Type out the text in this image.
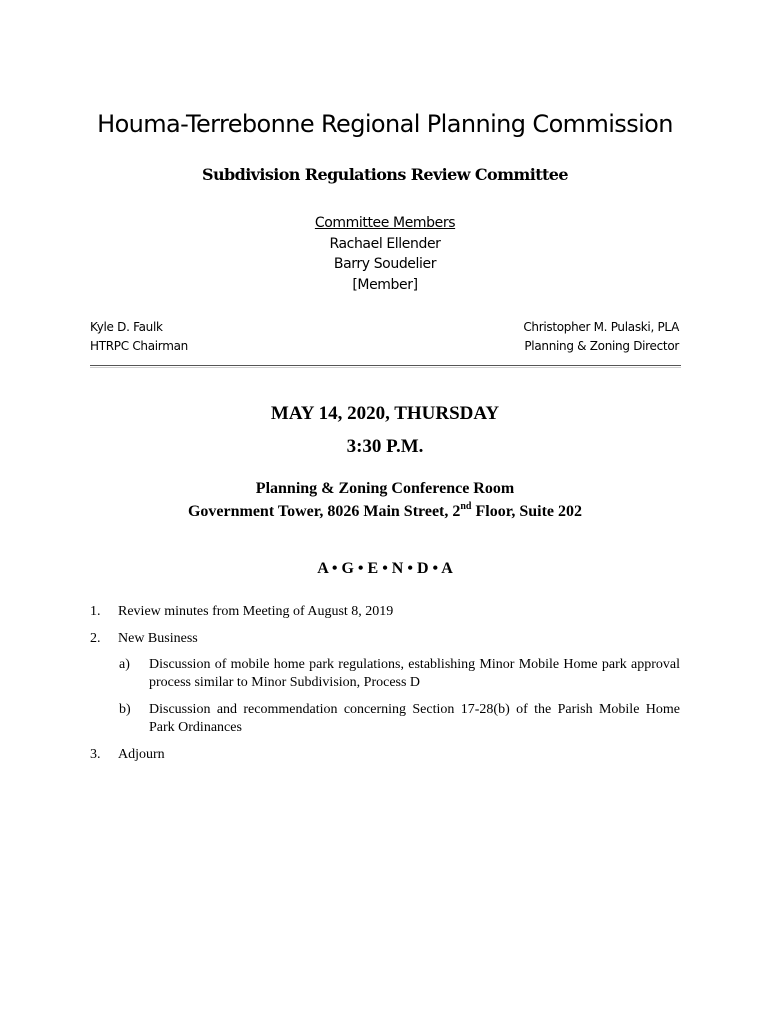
Houma-Terrebonne Regional Planning Commission
Subdivision Regulations Review Committee
Committee Members
Rachael Ellender
Barry Soudelier
[Member]
Kyle D. Faulk
HTRPC Chairman
Christopher M. Pulaski, PLA
Planning & Zoning Director
MAY 14, 2020, THURSDAY
3:30 P.M.
Planning & Zoning Conference Room
Government Tower, 8026 Main Street, 2nd Floor, Suite 202
A • G • E • N • D • A
1. Review minutes from Meeting of August 8, 2019
2. New Business
a) Discussion of mobile home park regulations, establishing Minor Mobile Home park approval process similar to Minor Subdivision, Process D
b) Discussion and recommendation concerning Section 17-28(b) of the Parish Mobile Home Park Ordinances
3. Adjourn
